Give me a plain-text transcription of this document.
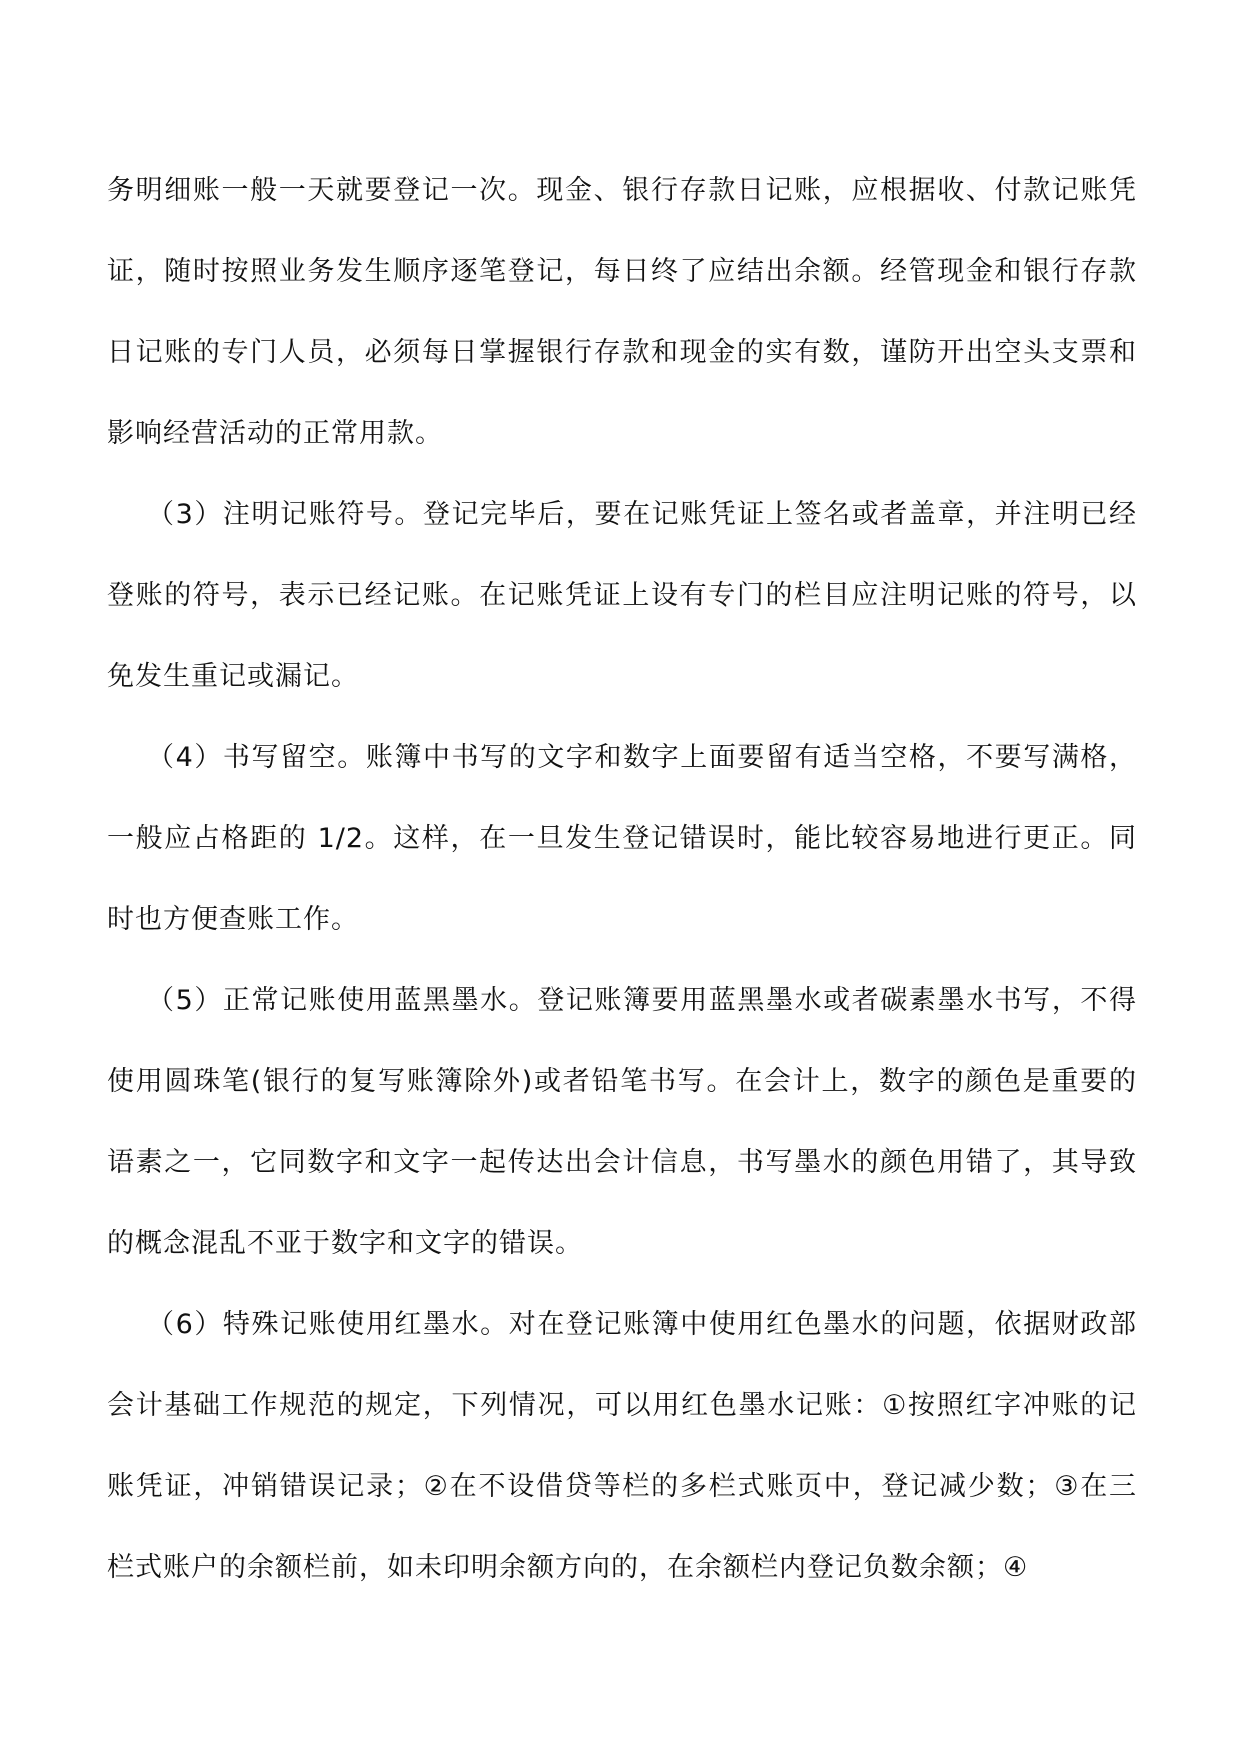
务明细账一般一天就要登记一次。现金、银行存款日记账，应根据收、付款记账凭证，随时按照业务发生顺序逐笔登记，每日终了应结出余额。经管现金和银行存款日记账的专门人员，必须每日掌握银行存款和现金的实有数，谨防开出空头支票和影响经营活动的正常用款。

（3）注明记账符号。登记完毕后，要在记账凭证上签名或者盖章，并注明已经登账的符号，表示已经记账。在记账凭证上设有专门的栏目应注明记账的符号，以免发生重记或漏记。

（4）书写留空。账簿中书写的文字和数字上面要留有适当空格，不要写满格，一般应占格距的 1/2。这样，在一旦发生登记错误时，能比较容易地进行更正。同时也方便查账工作。

（5）正常记账使用蓝黑墨水。登记账簿要用蓝黑墨水或者碳素墨水书写，不得使用圆珠笔(银行的复写账簿除外)或者铅笔书写。在会计上，数字的颜色是重要的语素之一，它同数字和文字一起传达出会计信息，书写墨水的颜色用错了，其导致的概念混乱不亚于数字和文字的错误。

（6）特殊记账使用红墨水。对在登记账簿中使用红色墨水的问题，依据财政部会计基础工作规范的规定，下列情况，可以用红色墨水记账：①按照红字冲账的记账凭证，冲销错误记录；②在不设借贷等栏的多栏式账页中，登记减少数；③在三栏式账户的余额栏前，如未印明余额方向的，在余额栏内登记负数余额；④
